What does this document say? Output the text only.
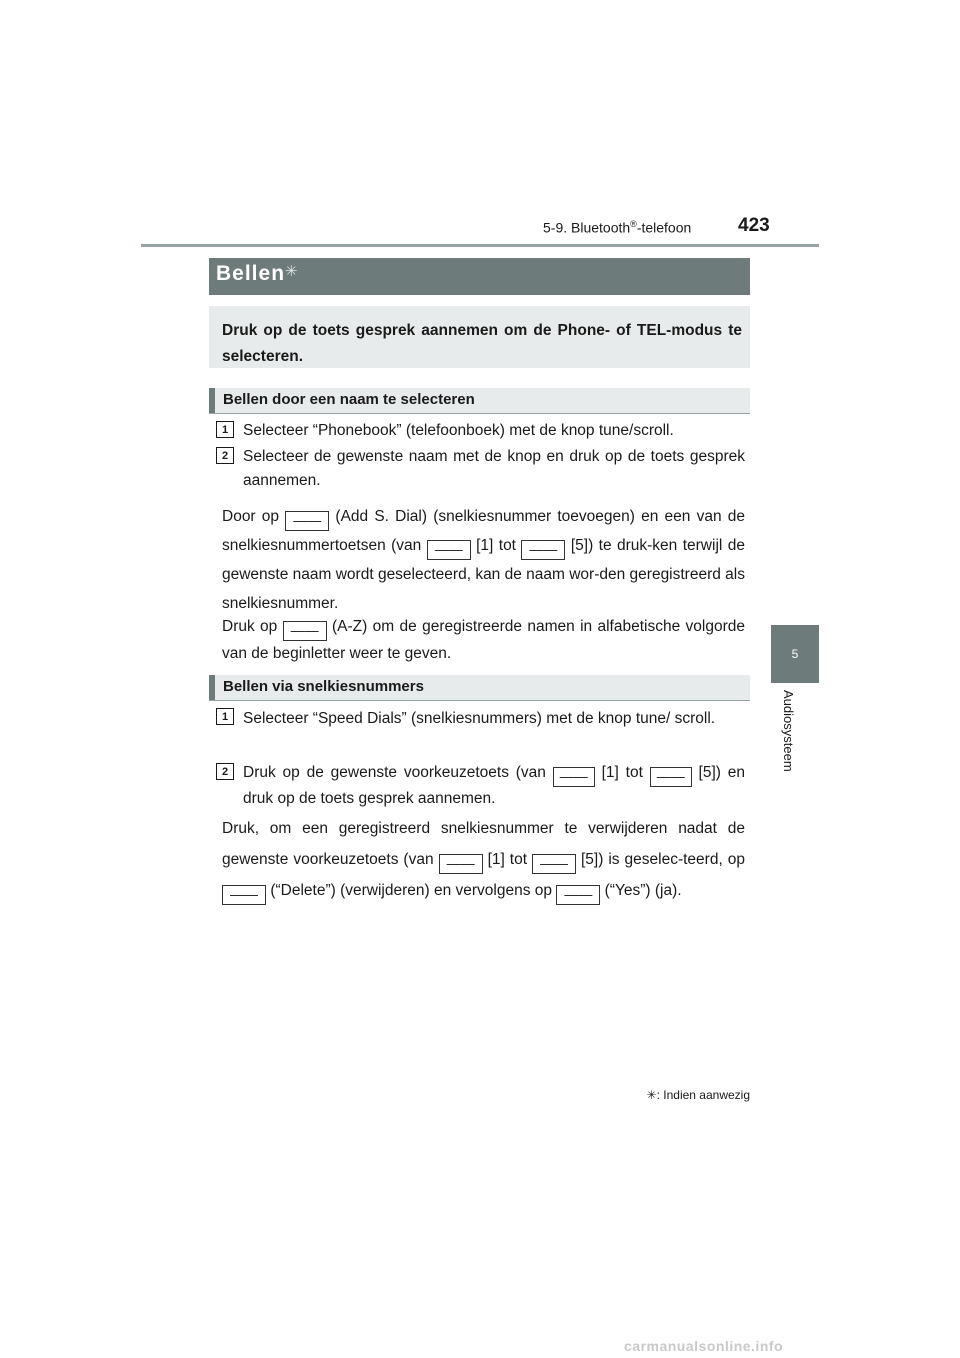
5-9. Bluetooth®-telefoon 423
5
Audiosysteem
Bellen✳
Druk op de toets gesprek aannemen om de Phone- of TEL-modus te selecteren.
Bellen door een naam te selecteren
1 Selecteer “Phonebook” (telefoonboek) met de knop tune/scroll.
2 Selecteer de gewenste naam met de knop en druk op de toets gesprek aannemen.
Door op —— (Add S. Dial) (snelkiesnummer toevoegen) en een van de snelkiesnummertoetsen (van —— [1] tot —— [5]) te druk-ken terwijl de gewenste naam wordt geselecteerd, kan de naam wor-den geregistreerd als snelkiesnummer.
Druk op —— (A-Z) om de geregistreerde namen in alfabetische volgorde van de beginletter weer te geven.
Bellen via snelkiesnummers
1 Selecteer “Speed Dials” (snelkiesnummers) met de knop tune/ scroll.
2 Druk op de gewenste voorkeuzetoets (van —— [1] tot —— [5]) en druk op de toets gesprek aannemen.
Druk, om een geregistreerd snelkiesnummer te verwijderen nadat de gewenste voorkeuzetoets (van —— [1] tot —— [5]) is geselec-teerd, op —— (“Delete”) (verwijderen) en vervolgens op —— (“Yes”) (ja).
✳: Indien aanwezig
carmanualsonline.info
